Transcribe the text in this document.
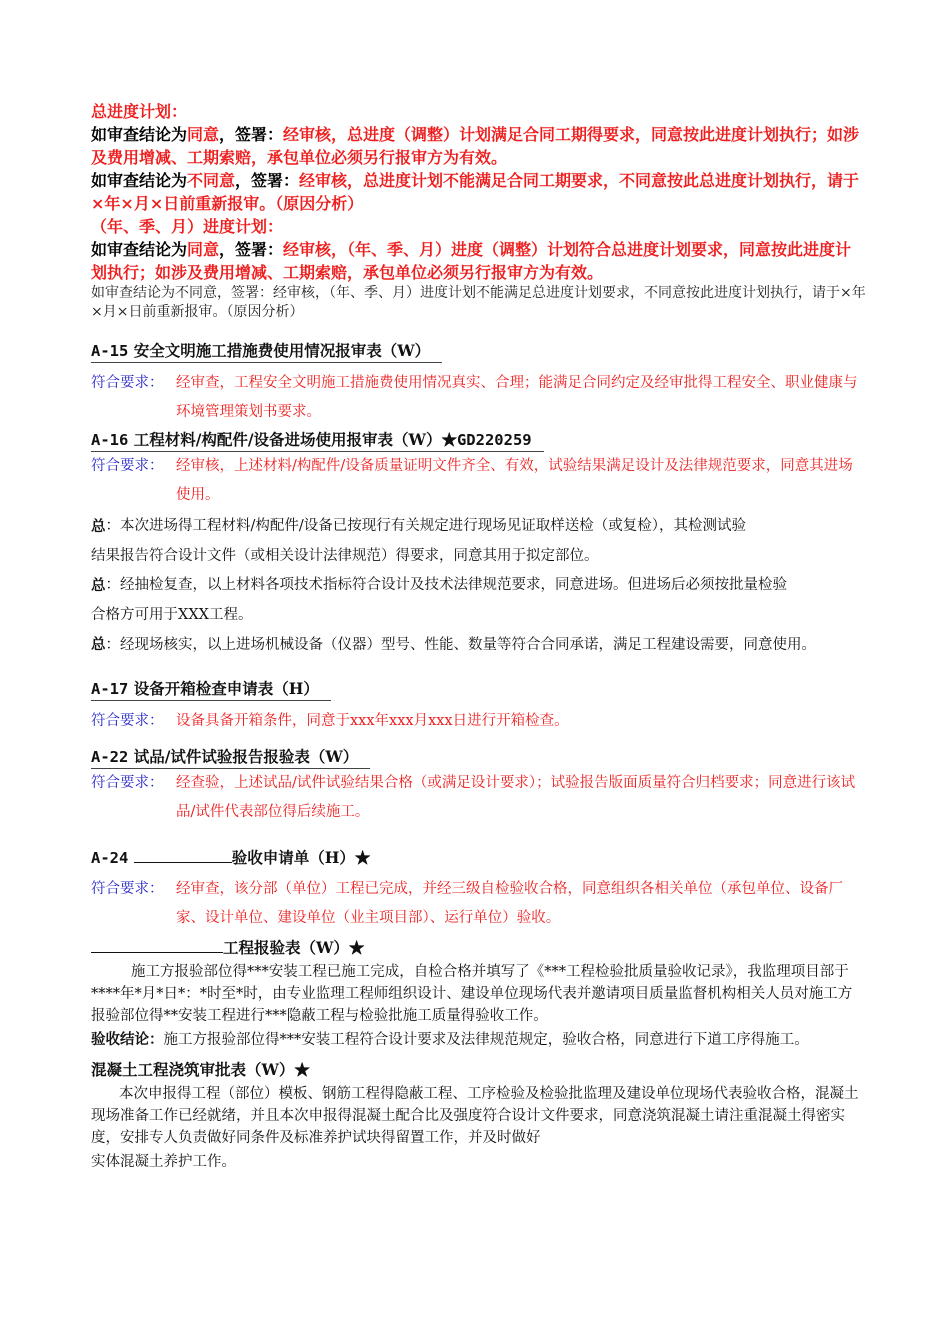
总进度计划：
如审查结论为同意，签署：经审核，总进度（调整）计划满足合同工期得要求，同意按此进度计划执行；如涉及费用增减、工期索赔，承包单位必须另行报审方为有效。
如审查结论为不同意，签署：经审核，总进度计划不能满足合同工期要求，不同意按此总进度计划执行，请于×年×月×日前重新报审。（原因分析）
（年、季、月）进度计划：
如审查结论为同意，签署：经审核，（年、季、月）进度（调整）计划符合总进度计划要求，同意按此进度计划执行；如涉及费用增减、工期索赔，承包单位必须另行报审方为有效。
如审查结论为不同意，签署：经审核，（年、季、月）进度计划不能满足总进度计划要求，不同意按此进度计划执行，请于×年×月×日前重新报审。（原因分析）
A-15 安全文明施工措施费使用情况报审表（W）
符合要求： 经审查，工程安全文明施工措施费使用情况真实、合理；能满足合同约定及经审批得工程安全、职业健康与环境管理策划书要求。
A-16 工程材料/构配件/设备进场使用报审表（W）★GD220259
符合要求： 经审核，上述材料/构配件/设备质量证明文件齐全、有效，试验结果满足设计及法律规范要求，同意其进场使用。
总 ：本次进场得工程材料/构配件/设备已按现行有关规定进行现场见证取样送检（或复检），其检测试验
结果报告符合设计文件（或相关设计法律规范）得要求，同意其用于拟定部位。
总 ：经抽检复查，以上材料各项技术指标符合设计及技术法律规范要求，同意进场。但进场后必须按批量检验
合格方可用于XXX工程。
总：经现场核实，以上进场机械设备（仪器）型号、性能、数量等符合合同承诺，满足工程建设需要，同意使用。
A-17 设备开箱检查申请表（H）
符合要求： 设备具备开箱条件，同意于xxx年xxx月xxx日进行开箱检查。
A-22 试品/试件试验报告报验表（W）
符合要求： 经查验，上述试品/试件试验结果合格（或满足设计要求）；试验报告版面质量符合归档要求；同意进行该试品/试件代表部位得后续施工。
A-24	验收申请单（H）★
符合要求： 经审查，该分部（单位）工程已完成，并经三级自检验收合格，同意组织各相关单位（承包单位、设备厂家、设计单位、建设单位（业主项目部）、运行单位）验收。
工程报验表（W）★
施工方报验部位得***安装工程已施工完成，自检合格并填写了《***工程检验批质量验收记录》，我监理项目部于****年*月*日*：*时至*时，由专业监理工程师组织设计、建设单位现场代表并邀请项目质量监督机构相关人员对施工方报验部位得**安装工程进行***隐蔽工程与检验批施工质量得验收工作。
验收结论：施工方报验部位得***安装工程符合设计要求及法律规范规定，验收合格，同意进行下道工序得施工。
混凝土工程浇筑审批表（W）★
本次申报得工程（部位）模板、钢筋工程得隐蔽工程、工序检验及检验批监理及建设单位现场代表验收合格，混凝土现场准备工作已经就绪，并且本次申报得混凝土配合比及强度符合设计文件要求，同意浇筑混凝土请注重混凝土得密实度，安排专人负责做好同条件及标准养护试块得留置工作，并及时做好
实体混凝土养护工作。
